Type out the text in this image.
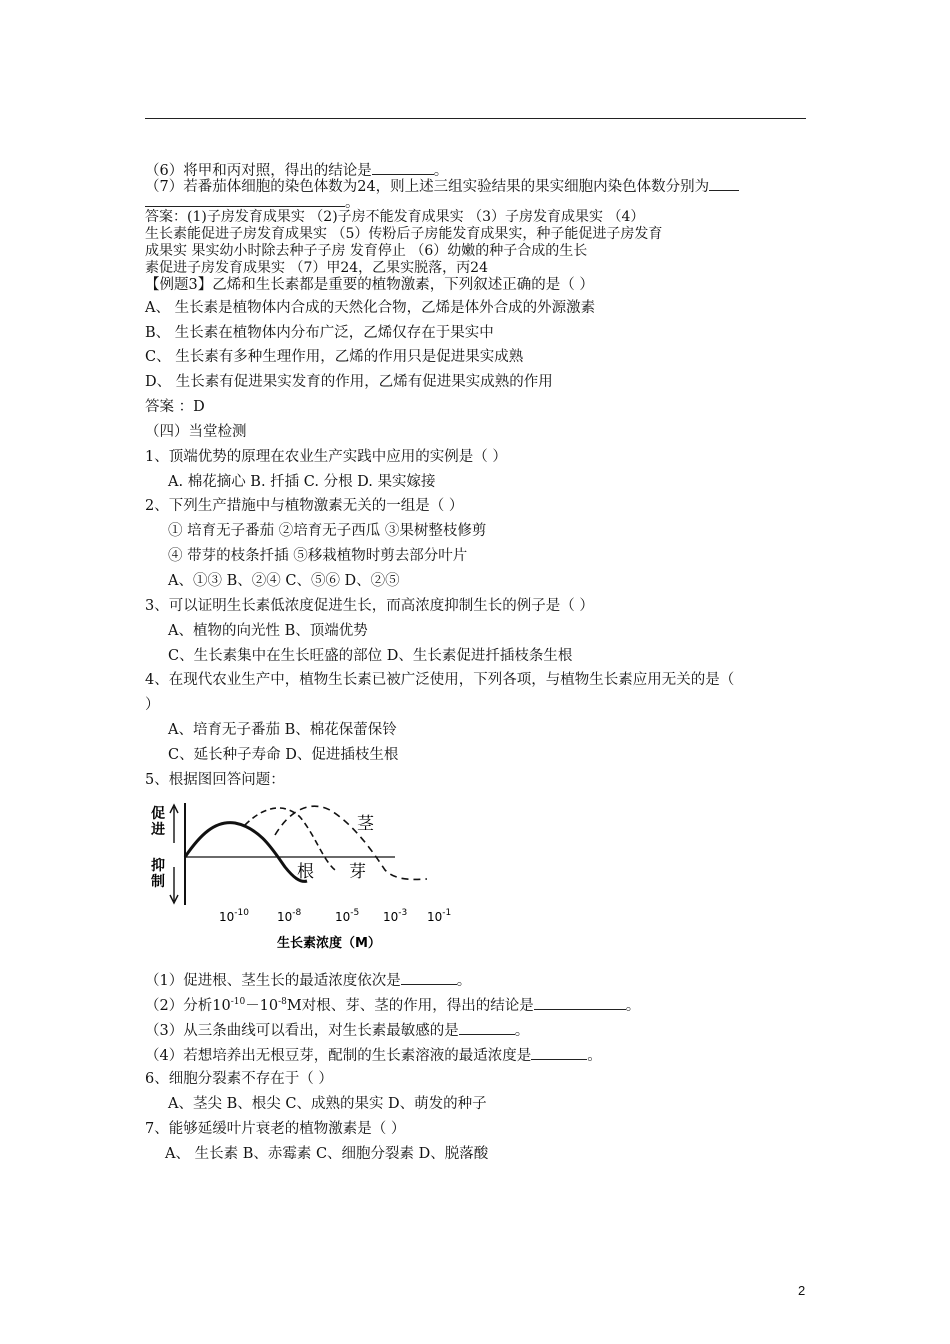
（6）将甲和丙对照，得出的结论是	。
（7）若番茄体细胞的染色体数为24，则上述三组实验结果的果实细胞内染色体数分别为
。
答案：(1)子房发育成果实 （2)子房不能发育成果实 （3）子房发育成果实 （4）
生长素能促进子房发育成果实 （5）传粉后子房能发育成果实，种子能促进子房发育
成果实 果实幼小时除去种子子房 发育停止 （6）幼嫩的种子合成的生长
素促进子房发育成果实 （7）甲24，乙果实脱落，丙24
【例题3】乙烯和生长素都是重要的植物激素，下列叙述正确的是（ ）
A、 生长素是植物体内合成的天然化合物，乙烯是体外合成的外源激素
B、 生长素在植物体内分布广泛，乙烯仅存在于果实中
C、 生长素有多种生理作用，乙烯的作用只是促进果实成熟
D、 生长素有促进果实发育的作用，乙烯有促进果实成熟的作用
答案 ：D
（四）当堂检测
1、顶端优势的原理在农业生产实践中应用的实例是（ ）
A. 棉花摘心 B. 扦插 C. 分根 D. 果实嫁接
2、下列生产措施中与植物激素无关的一组是（ ）
① 培育无子番茄 ②培育无子西瓜 ③果树整枝修剪
④ 带芽的枝条扦插 ⑤移栽植物时剪去部分叶片
A、①③ B、②④ C、⑤⑥ D、②⑤
3、可以证明生长素低浓度促进生长，而高浓度抑制生长的例子是（ ）
A、植物的向光性 B、顶端优势
C、生长素集中在生长旺盛的部位 D、生长素促进扦插枝条生根
4、在现代农业生产中，植物生长素已被广泛使用，下列各项，与植物生长素应用无关的是（
）
A、培育无子番茄 B、棉花保蕾保铃
C、延长种子寿命 D、促进插枝生根
5、根据图回答问题：
促
进
抑
制
茎
根 芽
$10^{-10}$ $10^{-8}$	$10^{-5}$ $10^{-3}$ $10^{-1}$
生长素浓度（M）
（1）促进根、茎生长的最适浓度依次是	。
（2）分析$10^{-10}-10^{-8}M$对根、芽、茎的作用，得出的结论是	。
（3）从三条曲线可以看出，对生长素最敏感的是	。
（4）若想培养出无根豆芽，配制的生长素溶液的最适浓度是	。
6、细胞分裂素不存在于（ ）
A、茎尖 B、根尖 C、成熟的果实 D、萌发的种子
7、能够延缓叶片衰老的植物激素是（ ）
A、 生长素 B、赤霉素 C、细胞分裂素 D、脱落酸
2
